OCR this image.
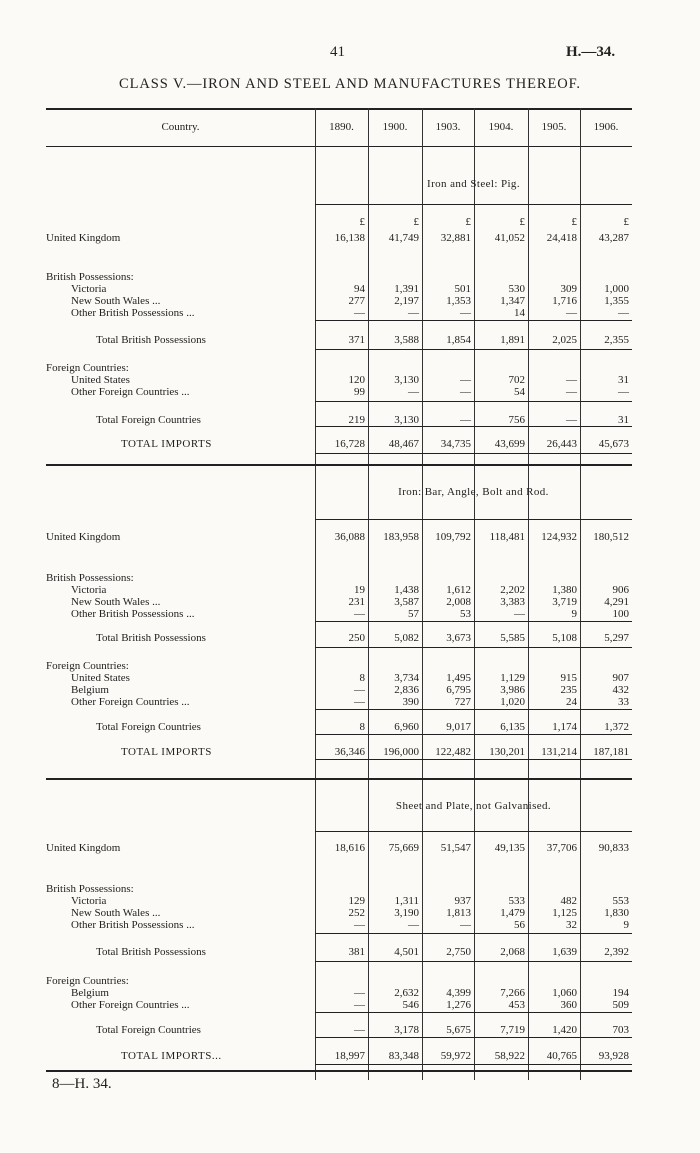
41	H.—34.
CLASS V.—IRON AND STEEL AND MANUFACTURES THEREOF.
Country.	1890.	1900.	1903.	1904.	1905.	1906.
Iron and Steel: Pig.
£	£	£	£	£	£
United Kingdom	16,138	41,749	32,881	41,052	24,418	43,287
British Possessions:
Victoria	94	1,391	501	530	309	1,000
New South Wales ...	277	2,197	1,353	1,347	1,716	1,355
Other British Possessions ...	—	—	—	14	—	—
Total British Possessions	371	3,588	1,854	1,891	2,025	2,355
Foreign Countries:
United States	120	3,130	—	702	—	31
Other Foreign Countries ...	99	—	—	54	—	—
Total Foreign Countries	219	3,130	—	756	—	31
TOTAL IMPORTS	16,728	48,467	34,735	43,699	26,443	45,673
Iron: Bar, Angle, Bolt and Rod.
United Kingdom	36,088	183,958	109,792	118,481	124,932	180,512
British Possessions:
Victoria	19	1,438	1,612	2,202	1,380	906
New South Wales ...	231	3,587	2,008	3,383	3,719	4,291
Other British Possessions ...	—	57	53	—	9	100
Total British Possessions	250	5,082	3,673	5,585	5,108	5,297
Foreign Countries:
United States	8	3,734	1,495	1,129	915	907
Belgium	—	2,836	6,795	3,986	235	432
Other Foreign Countries ...	—	390	727	1,020	24	33
Total Foreign Countries	8	6,960	9,017	6,135	1,174	1,372
TOTAL IMPORTS	36,346	196,000	122,482	130,201	131,214	187,181
Sheet and Plate, not Galvanised.
United Kingdom	18,616	75,669	51,547	49,135	37,706	90,833
British Possessions:
Victoria	129	1,311	937	533	482	553
New South Wales ...	252	3,190	1,813	1,479	1,125	1,830
Other British Possessions ...	—	—	—	56	32	9
Total British Possessions	381	4,501	2,750	2,068	1,639	2,392
Foreign Countries:
Belgium	—	2,632	4,399	7,266	1,060	194
Other Foreign Countries ...	—	546	1,276	453	360	509
Total Foreign Countries	—	3,178	5,675	7,719	1,420	703
TOTAL IMPORTS...	18,997	83,348	59,972	58,922	40,765	93,928
8—H. 34.
